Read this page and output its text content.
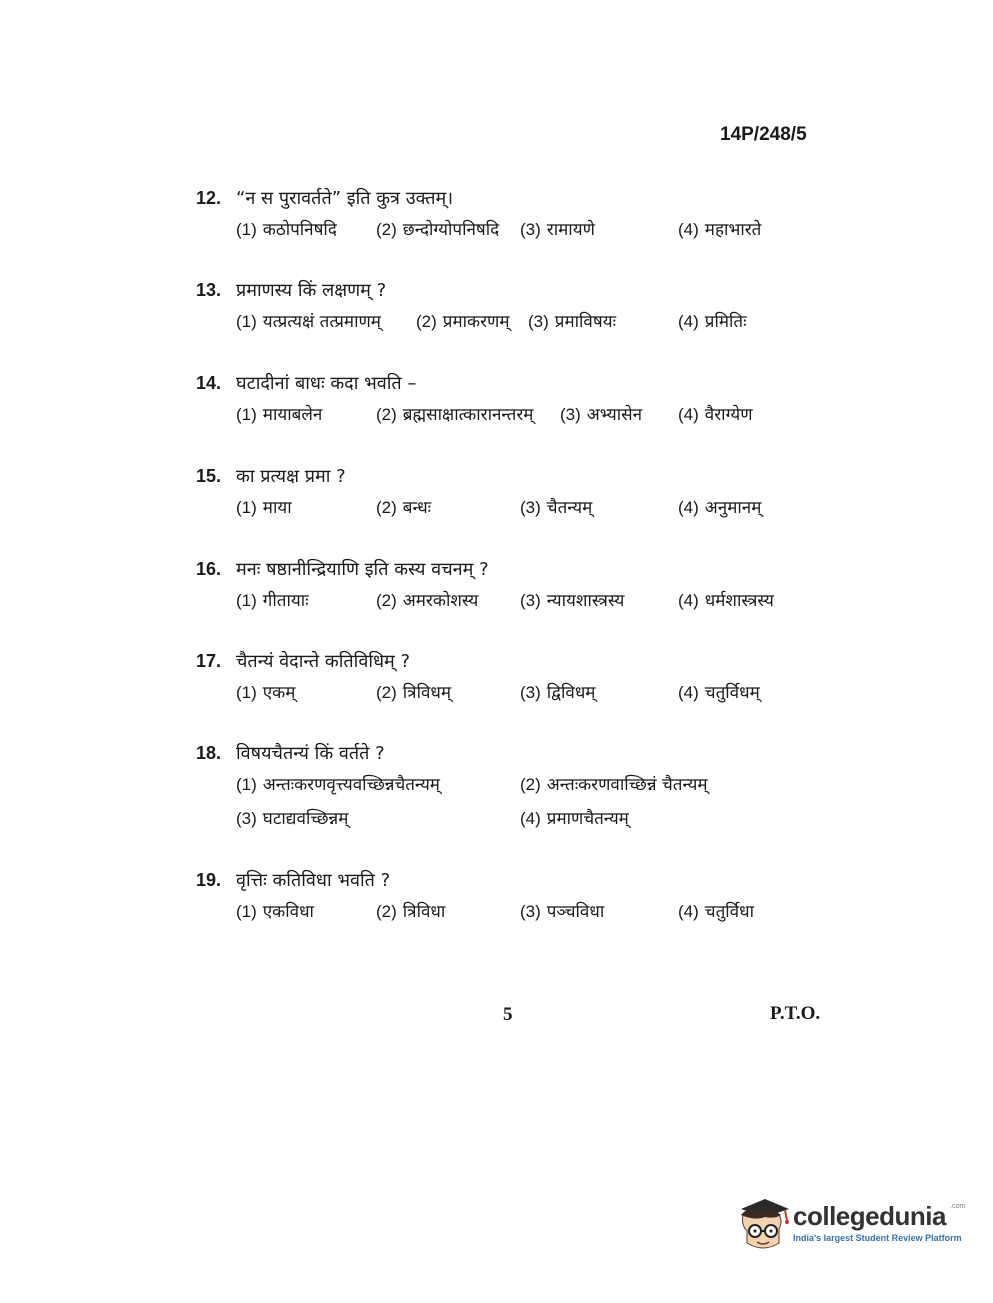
14P/248/5
12. “न स पुरावर्तते” इति कुत्र उक्तम्।
(1) कठोपनिषदि (2) छन्दोग्योपनिषदि (3) रामायणे	(4) महाभारते
13. प्रमाणस्य किं लक्षणम् ?
(1) यत्प्रत्यक्षं तत्प्रमाणम् (2) प्रमाकरणम् (3) प्रमाविषयः	(4) प्रमितिः
14. घटादीनां बाधः कदा भवति –
(1) मायाबलेन	(2) ब्रह्मसाक्षात्कारानन्तरम् (3) अभ्यासेन (4) वैराग्येण
15. का प्रत्यक्ष प्रमा ?
(1) माया	(2) बन्धः	(3) चैतन्यम्	(4) अनुमानम्
16. मनः षष्ठानीन्द्रियाणि इति कस्य वचनम् ?
(1) गीतायाः	(2) अमरकोशस्य (3) न्यायशास्त्रस्य	(4) धर्मशास्त्रस्य
17. चैतन्यं वेदान्ते कतिविधिम् ?
(1) एकम्	(2) त्रिविधम्	(3) द्विविधम्	(4) चतुर्विधम्
18. विषयचैतन्यं किं वर्तते ?
(1) अन्तःकरणवृत्त्यवच्छिन्नचैतन्यम्	(2) अन्तःकरणवाच्छिन्नं चैतन्यम्
(3) घटाद्यवच्छिन्नम्	(4) प्रमाणचैतन्यम्
19. वृत्तिः कतिविधा भवति ?
(1) एकविधा	(2) त्रिविधा	(3) पञ्चविधा	(4) चतुर्विधा
5	P.T.O.
collegedunia .com
India's largest Student Review Platform
